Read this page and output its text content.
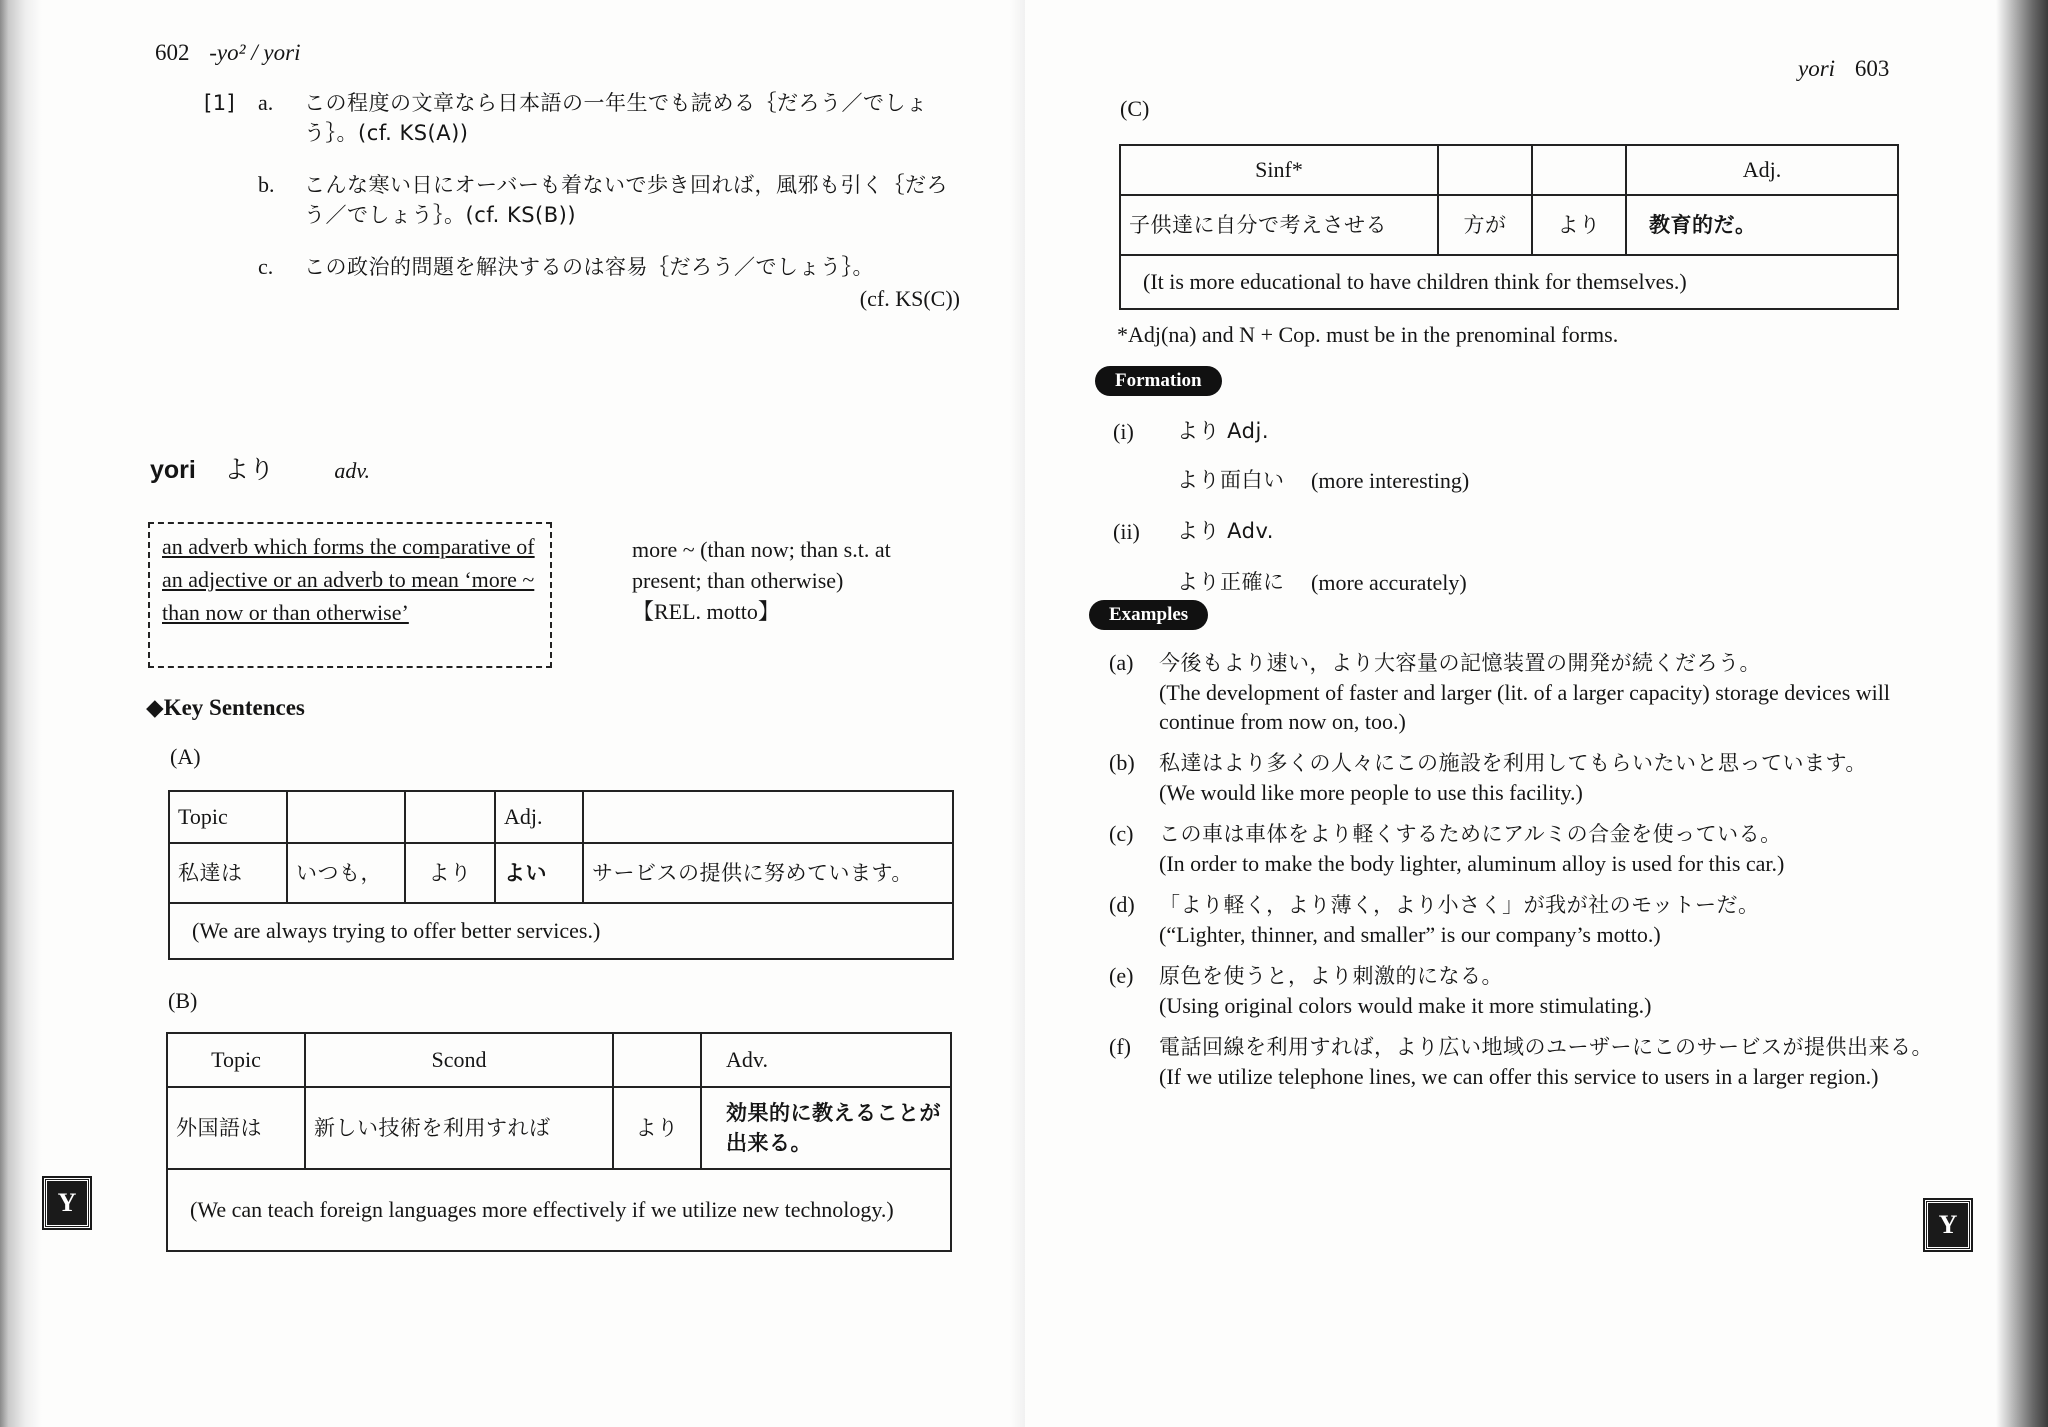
602 -yo² / yori
[1] a.	この程度の文章なら日本語の一年生でも読める｛だろう／でしょう｝。(cf. KS(A))
b.	こんな寒い日にオーバーも着ないで歩き回れば，風邪も引く｛だろう／でしょう｝。(cf. KS(B))
c.	この政治的問題を解決するのは容易｛だろう／でしょう｝。
(cf. KS(C))
yori より	adv.
an adverb which forms the comparative of an adjective or an adverb to mean ‘more ~ than now or than otherwise’
more ~ (than now; than s.t. at present; than otherwise)
【REL. motto】
◆Key Sentences
(A)
Topic			Adj.	
私達は	いつも，	より	よい	サービスの提供に努めています。
(We are always trying to offer better services.)				
(B)
Topic	Scond		Adv.
外国語は	新しい技術を利用すれば	より	効果的に教えることが出来る。
(We can teach foreign languages more effectively if we utilize new technology.)			
Y
yori 603
(C)
Sinf*			Adj.
子供達に自分で考えさせる	方が	より	教育的だ。
(It is more educational to have children think for themselves.)			
*Adj(na) and N + Cop. must be in the prenominal forms.
Formation
(i)	より Adj.
より面白い	(more interesting)
(ii)	より Adv.
より正確に	(more accurately)
Examples
(a)	今後もより速い，より大容量の記憶装置の開発が続くだろう。
(The development of faster and larger (lit. of a larger capacity) storage devices will continue from now on, too.)
(b)	私達はより多くの人々にこの施設を利用してもらいたいと思っています。
(We would like more people to use this facility.)
(c)	この車は車体をより軽くするためにアルミの合金を使っている。
(In order to make the body lighter, aluminum alloy is used for this car.)
(d)	「より軽く，より薄く，より小さく」が我が社のモットーだ。
(“Lighter, thinner, and smaller” is our company’s motto.)
(e)	原色を使うと，より刺激的になる。
(Using original colors would make it more stimulating.)
(f)	電話回線を利用すれば，より広い地域のユーザーにこのサービスが提供出来る。
(If we utilize telephone lines, we can offer this service to users in a larger region.)
Y
